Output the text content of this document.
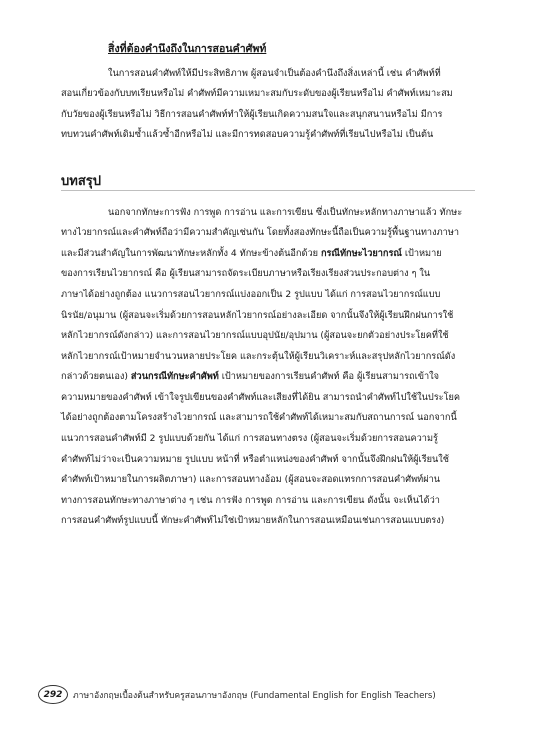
สิ่งที่ต้องคำนึงถึงในการสอนคำศัพท์
ในการสอนคำศัพท์ให้มีประสิทธิภาพ ผู้สอนจำเป็นต้องคำนึงถึงสิ่งเหล่านี้ เช่น คำศัพท์ที่
สอนเกี่ยวข้องกับบทเรียนหรือไม่ คำศัพท์มีความเหมาะสมกับระดับของผู้เรียนหรือไม่ คำศัพท์เหมาะสม
กับวัยของผู้เรียนหรือไม่ วิธีการสอนคำศัพท์ทำให้ผู้เรียนเกิดความสนใจและสนุกสนานหรือไม่ มีการ
ทบทวนคำศัพท์เดิมซ้ำแล้วซ้ำอีกหรือไม่ และมีการทดสอบความรู้คำศัพท์ที่เรียนไปหรือไม่ เป็นต้น
บทสรุป
นอกจากทักษะการฟัง การพูด การอ่าน และการเขียน ซึ่งเป็นทักษะหลักทางภาษาแล้ว ทักษะ
ทางไวยากรณ์และคำศัพท์ถือว่ามีความสำคัญเช่นกัน โดยทั้งสองทักษะนี้ถือเป็นความรู้พื้นฐานทางภาษา
และมีส่วนสำคัญในการพัฒนาทักษะหลักทั้ง 4 ทักษะข้างต้นอีกด้วย กรณีทักษะไวยากรณ์ เป้าหมาย
ของการเรียนไวยากรณ์ คือ ผู้เรียนสามารถจัดระเบียบภาษาหรือเรียงเรียงส่วนประกอบต่าง ๆ ใน
ภาษาได้อย่างถูกต้อง แนวการสอนไวยากรณ์แบ่งออกเป็น 2 รูปแบบ ได้แก่ การสอนไวยากรณ์แบบ
นิรนัย/อนุมาน (ผู้สอนจะเริ่มด้วยการสอนหลักไวยากรณ์อย่างละเอียด จากนั้นจึงให้ผู้เรียนฝึกฝนการใช้
หลักไวยากรณ์ดังกล่าว) และการสอนไวยากรณ์แบบอุปนัย/อุปมาน (ผู้สอนจะยกตัวอย่างประโยคที่ใช้
หลักไวยากรณ์เป้าหมายจำนวนหลายประโยค และกระตุ้นให้ผู้เรียนวิเคราะห์และสรุปหลักไวยากรณ์ดัง
กล่าวด้วยตนเอง) ส่วนกรณีทักษะคำศัพท์ เป้าหมายของการเรียนคำศัพท์ คือ ผู้เรียนสามารถเข้าใจ
ความหมายของคำศัพท์ เข้าใจรูปเขียนของคำศัพท์และเสียงที่ได้ยิน สามารถนำคำศัพท์ไปใช้ในประโยค
ได้อย่างถูกต้องตามโครงสร้างไวยากรณ์ และสามารถใช้คำศัพท์ได้เหมาะสมกับสถานการณ์ นอกจากนี้
แนวการสอนคำศัพท์มี 2 รูปแบบด้วยกัน ได้แก่ การสอนทางตรง (ผู้สอนจะเริ่มด้วยการสอนความรู้
คำศัพท์ไม่ว่าจะเป็นความหมาย รูปแบบ หน้าที่ หรือตำแหน่งของคำศัพท์ จากนั้นจึงฝึกฝนให้ผู้เรียนใช้
คำศัพท์เป้าหมายในการผลิตภาษา) และการสอนทางอ้อม (ผู้สอนจะสอดแทรกการสอนคำศัพท์ผ่าน
ทางการสอนทักษะทางภาษาต่าง ๆ เช่น การฟัง การพูด การอ่าน และการเขียน ดังนั้น จะเห็นได้ว่า
การสอนคำศัพท์รูปแบบนี้ ทักษะคำศัพท์ไม่ใช่เป้าหมายหลักในการสอนเหมือนเช่นการสอนแบบตรง)
292	ภาษาอังกฤษเบื้องต้นสำหรับครูสอนภาษาอังกฤษ (Fundamental English for English Teachers)
